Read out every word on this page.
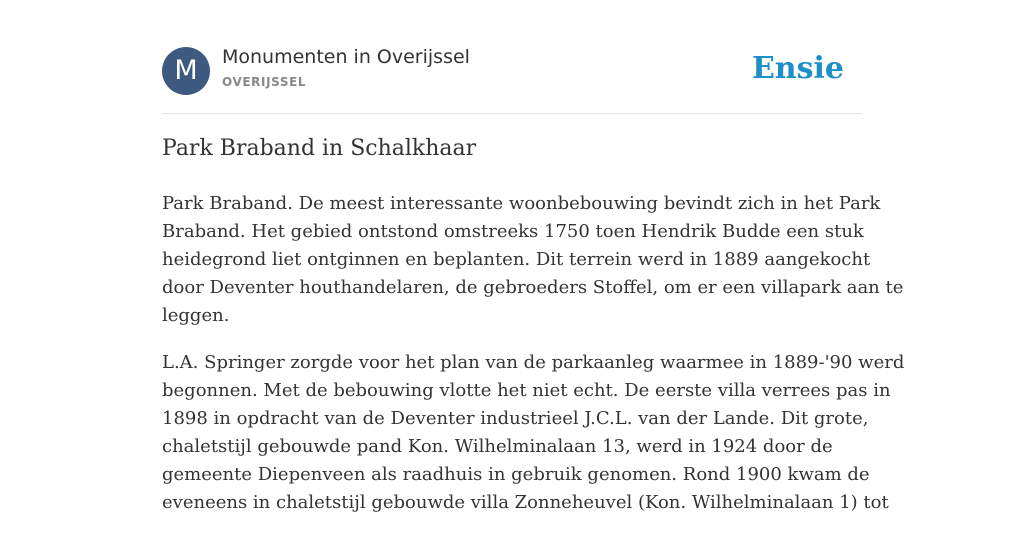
M	Monumenten in Overijssel
OVERIJSSEL	Ensie
Park Braband in Schalkhaar

Park Braband. De meest interessante woonbebouwing bevindt zich in het Park
Braband. Het gebied ontstond omstreeks 1750 toen Hendrik Budde een stuk
heidegrond liet ontginnen en beplanten. Dit terrein werd in 1889 aangekocht
door Deventer houthandelaren, de gebroeders Stoffel, om er een villapark aan te
leggen.

L.A. Springer zorgde voor het plan van de parkaanleg waarmee in 1889-'90 werd
begonnen. Met de bebouwing vlotte het niet echt. De eerste villa verrees pas in
1898 in opdracht van de Deventer industrieel J.C.L. van der Lande. Dit grote,
chaletstijl gebouwde pand Kon. Wilhelminalaan 13, werd in 1924 door de
gemeente Diepenveen als raadhuis in gebruik genomen. Rond 1900 kwam de
eveneens in chaletstijl gebouwde villa Zonneheuvel (Kon. Wilhelminalaan 1) tot
